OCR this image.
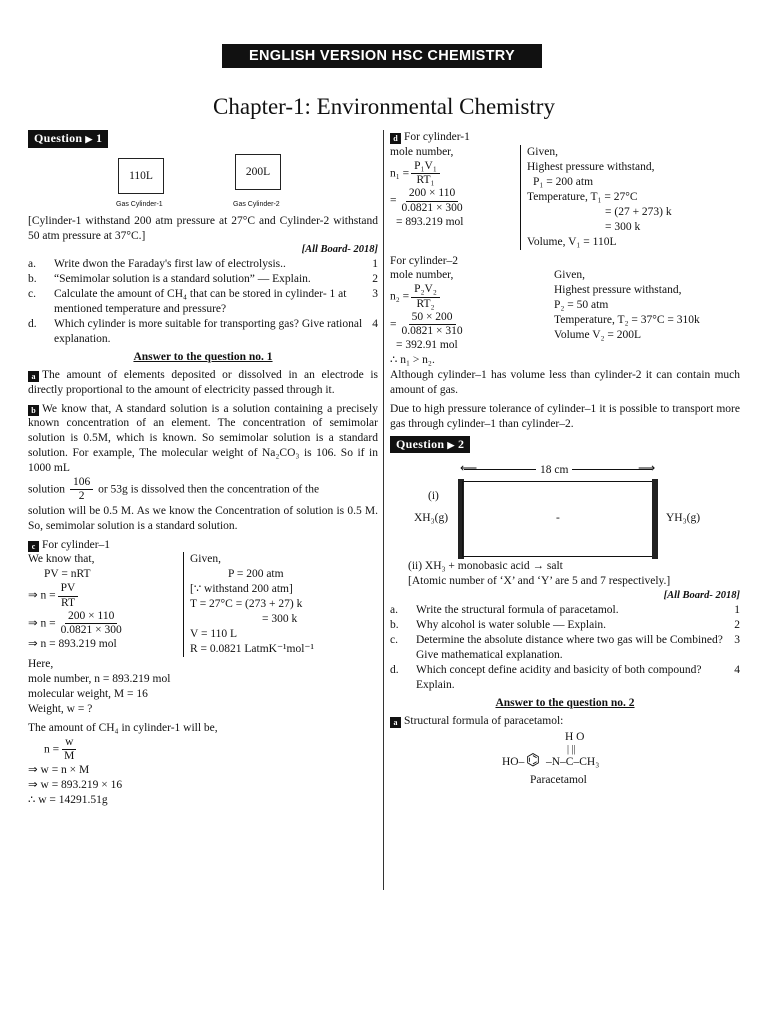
ENGLISH VERSION HSC CHEMISTRY
Chapter-1: Environmental Chemistry
Question ▶ 1
110L
Gas Cylinder-1
200L
Gas Cylinder-2

[Cylinder-1 withstand 200 atm pressure at 27°C and Cylinder-2 withstand 50 atm pressure at 37°C.]

[All Board- 2018]

a.	Write dwon the Faraday's first law of electrolysis..	1
b.	“Semimolar solution is a standard solution” — Explain.	2
c.	Calculate the amount of CH₄ that can be stored in cylinder- 1 at mentioned temperature and pressure?
3
d.	Which cylinder is more suitable for transporting gas? Give rational explanation.
4
Answer to the question no. 1

a The amount of elements deposited or dissolved in an electrode is directly proportional to the amount of electricity passed through it.

b We know that, A standard solution is a solution containing a precisely known concentration of an element. The concentration of semimolar solution is 0.5M, which is known. So semimolar solution is a standard solution. For example, The molecular weight of Na₂CO₃ is 106. So if in 1000 mL

solution $\frac{106}{2}$ or 53g is dissolved then the concentration of the

solution will be 0.5 M. As we know the Concentration of solution is 0.5 M. So, semimolar solution is a standard solution.

c For cylinder–1

We know that,

PV = nRT

⇒ $n = \frac{PV}{RT}$

⇒ $n = \frac{200 \times 110}{0.0821 \times 300}$

⇒ n = 893.219 mol

Given,

P = 200 atm

[∵ withstand 200 atm]

T = 27°C = (273 + 27) k

= 300 k

V = 110 L

R = 0.0821 LatmK⁻¹mol⁻¹

Here,

mole number, n = 893.219 mol

molecular weight, M = 16

Weight, w = ?

The amount of CH₄ in cylinder-1 will be,

$n = \frac{w}{M}$

⇒ w = n × M

⇒ w = 893.219 × 16

∴ w = 14291.51g

d For cylinder-1

mole number,

$n_1 = \frac{\text{P₁V₁}}{\text{RT₁}}$

= $\frac{200 \times 110}{0.0821 \times 300}$

= 893.219 mol

Given,

Highest pressure withstand,

P₁ = 200 atm

Temperature, T₁ = 27°C

= (27 + 273) k

= 300 k

Volume, V₁ = 110L

For cylinder–2

mole number,

$n_2 = \frac{\text{P₂V₂}}{\text{RT₂}}$

= $\frac{50 \times 200}{0.0821 \times 310}$

= 392.91 mol

Given,

Highest pressure withstand,

P₂ = 50 atm

Temperature, T₂ = 37°C = 310k

Volume V₂ = 200L

∴ n₁ > n₂.

Although cylinder–1 has volume less than cylinder-2 it can contain much amount of gas.

Due to high pressure tolerance of cylinder–1 it is possible to transport more gas through cylinder–1 than cylinder–2.

Question ▶ 2
⟵	⟶
18 cm
(i)
XH₃(g)	YH₃(g)
-

(ii) XH₃ + monobasic acid → salt

[Atomic number of ‘X’ and ‘Y’ are 5 and 7 respectively.]

[All Board- 2018]

a.	Write the structural formula of paracetamol.	1
b.	Why alcohol is water soluble — Explain.	2
c.	Determine the absolute distance where two gas will be Combined? Give mathematical explanation.
3
d.	Which concept define acidity and basicity of both compound? Explain.
4
Answer to the question no. 2

a Structural formula of paracetamol:

H O
| ||
HO– ⌬ –N–C–CH₃
Paracetamol
